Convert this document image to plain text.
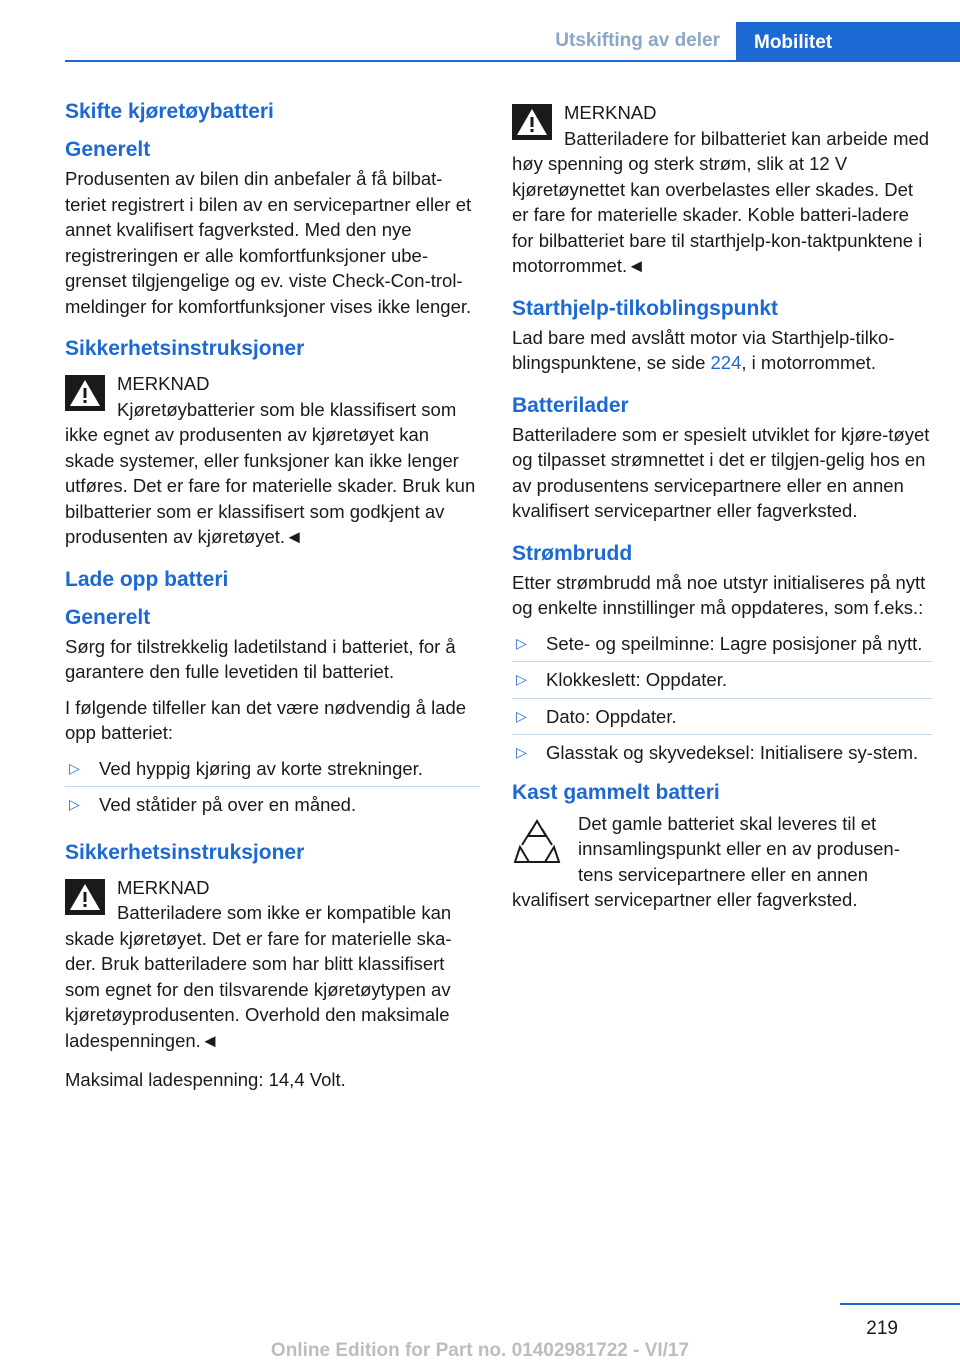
Utskifting av deler	Mobilitet
Skifte kjøretøybatteri
Generelt
Produsenten av bilen din anbefaler å få bilbat-teriet registrert i bilen av en servicepartner eller et annet kvalifisert fagverksted. Med den nye registreringen er alle komfortfunksjoner ube-grenset tilgjengelige og ev. viste Check-Con-trol-meldinger for komfortfunksjoner vises ikke lenger.
Sikkerhetsinstruksjoner
MERKNAD
Kjøretøybatterier som ble klassifisert som ikke egnet av produsenten av kjøretøyet kan skade systemer, eller funksjoner kan ikke lenger utføres. Det er fare for materielle skader. Bruk kun bilbatterier som er klassifisert som godkjent av produsenten av kjøretøyet.◄
Lade opp batteri
Generelt
Sørg for tilstrekkelig ladetilstand i batteriet, for å garantere den fulle levetiden til batteriet.
I følgende tilfeller kan det være nødvendig å lade opp batteriet:
▷ Ved hyppig kjøring av korte strekninger.
▷ Ved ståtider på over en måned.
Sikkerhetsinstruksjoner
MERKNAD
Batteriladere som ikke er kompatible kan skade kjøretøyet. Det er fare for materielle ska-der. Bruk batteriladere som har blitt klassifisert som egnet for den tilsvarende kjøretøytypen av kjøretøyprodusenten. Overhold den maksimale ladespenningen.◄
Maksimal ladespenning: 14,4 Volt.
MERKNAD
Batteriladere for bilbatteriet kan arbeide med høy spenning og sterk strøm, slik at 12 V kjøretøynettet kan overbelastes eller skades. Det er fare for materielle skader. Koble batteri-ladere for bilbatteriet bare til starthjelp-kon-taktpunktene i motorrommet.◄
Starthjelp-tilkoblingspunkt
Lad bare med avslått motor via Starthjelp-tilko-blingspunktene, se side 224, i motorrommet.
Batterilader
Batteriladere som er spesielt utviklet for kjøre-tøyet og tilpasset strømnettet i det er tilgjen-gelig hos en av produsentens servicepartnere eller en annen kvalifisert servicepartner eller fagverksted.
Strømbrudd
Etter strømbrudd må noe utstyr initialiseres på nytt og enkelte innstillinger må oppdateres, som f.eks.:
▷ Sete- og speilminne: Lagre posisjoner på nytt.
▷ Klokkeslett: Oppdater.
▷ Dato: Oppdater.
▷ Glasstak og skyvedeksel: Initialisere sy-stem.
Kast gammelt batteri
Det gamle batteriet skal leveres til et innsamlingspunkt eller en av produsen-tens servicepartnere eller en annen kvalifisert servicepartner eller fagverksted.
219
Online Edition for Part no. 01402981722 - VI/17
